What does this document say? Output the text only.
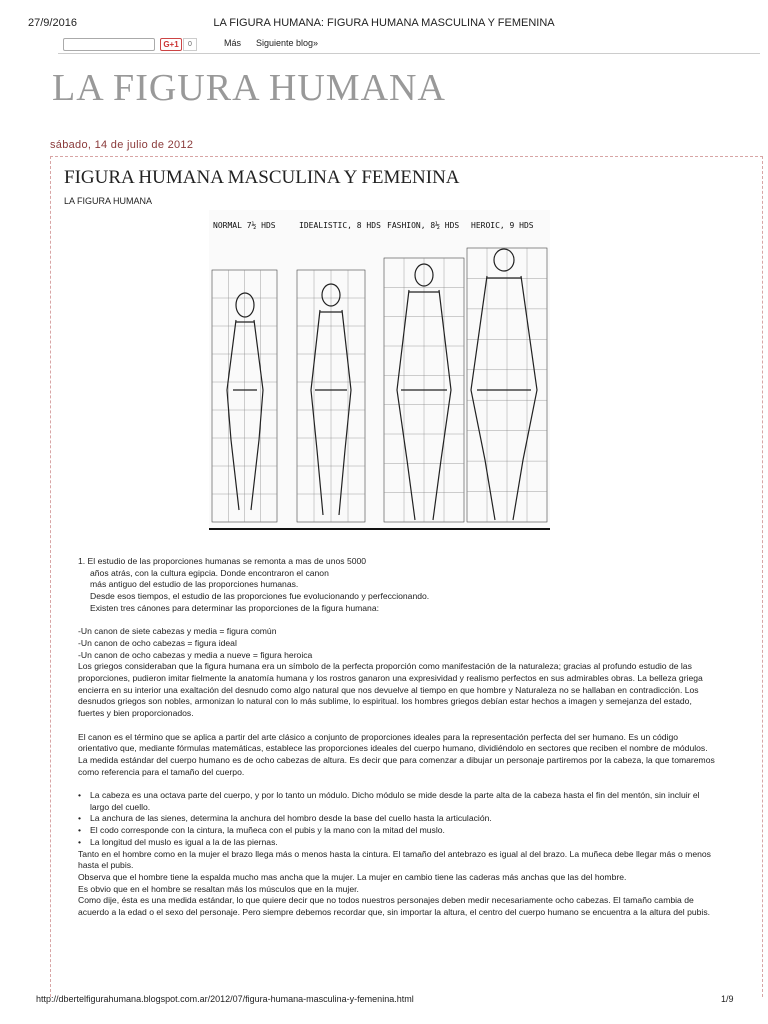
27/9/2016	LA FIGURA HUMANA: FIGURA HUMANA MASCULINA Y FEMENINA
G+1	0	Más Siguiente blog»
LA FIGURA HUMANA
sábado, 14 de julio de 2012
FIGURA HUMANA MASCULINA Y FEMENINA
LA FIGURA HUMANA
NORMAL 7½ HDS	IDEALISTIC, 8 HDS FASHION, 8½ HDS HEROIC, 9 HDS

1. El estudio de las proporciones humanas se remonta a mas de unos 5000

años atrás, con la cultura egipcia. Donde encontraron el canon

más antiguo del estudio de las proporciones humanas.

Desde esos tiempos, el estudio de las proporciones fue evolucionando y perfeccionando.

Existen tres cánones para determinar las proporciones de la figura humana:

-Un canon de siete cabezas y media = figura común

-Un canon de ocho cabezas = figura ideal

-Un canon de ocho cabezas y media a nueve = figura heroica

Los griegos consideraban que la figura humana era un símbolo de la perfecta proporción como manifestación de la naturaleza; gracias al profundo estudio de las proporciones, pudieron imitar fielmente la anatomía humana y los rostros ganaron una expresividad y realismo perfectos en sus admirables obras. La belleza griega encierra en su interior una exaltación del desnudo como algo natural que nos devuelve al tiempo en que hombre y Naturaleza no se hallaban en contradicción. Los desnudos griegos son nobles, armonizan lo natural con lo más sublime, lo espiritual. los hombres griegos debían estar hechos a imagen y semejanza del estado, fuertes y bien proporcionados.

El canon es el término que se aplica a partir del arte clásico a conjunto de proporciones ideales para la representación perfecta del ser humano. Es un código orientativo que, mediante fórmulas matemáticas, establece las proporciones ideales del cuerpo humano, dividiéndolo en sectores que reciben el nombre de módulos.

La medida estándar del cuerpo humano es de ocho cabezas de altura. Es decir que para comenzar a dibujar un personaje partiremos por la cabeza, la que tomaremos como referencia para el tamaño del cuerpo.

• La cabeza es una octava parte del cuerpo, y por lo tanto un módulo. Dicho módulo se mide desde la parte alta de la cabeza hasta el fin del mentón, sin incluir el largo del cuello.

• La anchura de las sienes, determina la anchura del hombro desde la base del cuello hasta la articulación.

• El codo corresponde con la cintura, la muñeca con el pubis y la mano con la mitad del muslo.

• La longitud del muslo es igual a la de las piernas.

Tanto en el hombre como en la mujer el brazo llega más o menos hasta la cintura. El tamaño del antebrazo es igual al del brazo. La muñeca debe llegar más o menos hasta el pubis.

Observa que el hombre tiene la espalda mucho mas ancha que la mujer. La mujer en cambio tiene las caderas más anchas que las del hombre.

Es obvio que en el hombre se resaltan más los músculos que en la mujer.

Como dije, ésta es una medida estándar, lo que quiere decir que no todos nuestros personajes deben medir necesariamente ocho cabezas. El tamaño cambia de acuerdo a la edad o el sexo del personaje. Pero siempre debemos recordar que, sin importar la altura, el centro del cuerpo humano se encuentra a la altura del pubis.

http://dbertelfigurahumana.blogspot.com.ar/2012/07/figura-humana-masculina-y-femenina.html	1/9
